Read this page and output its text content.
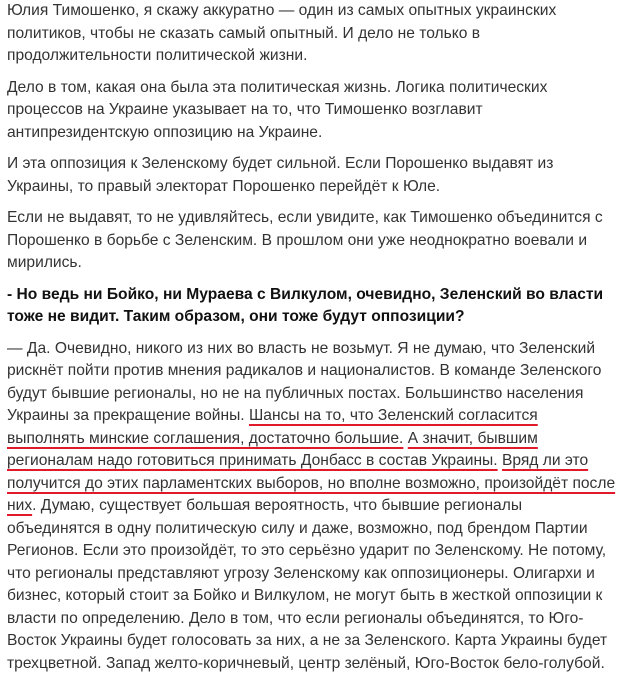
Юлия Тимошенко, я скажу аккуратно — один из самых опытных украинских политиков, чтобы не сказать самый опытный. И дело не только в продолжительности политической жизни.

Дело в том, какая она была эта политическая жизнь. Логика политических процессов на Украине указывает на то, что Тимошенко возглавит антипрезидентскую оппозицию на Украине.

И эта оппозиция к Зеленскому будет сильной. Если Порошенко выдавят из Украины, то правый электорат Порошенко перейдёт к Юле.

Если не выдавят, то не удивляйтесь, если увидите, как Тимошенко объединится с Порошенко в борьбе с Зеленским. В прошлом они уже неоднократно воевали и мирились.

- Но ведь ни Бойко, ни Мураева с Вилкулом, очевидно, Зеленский во власти тоже не видит. Таким образом, они тоже будут оппозиции?

— Да. Очевидно, никого из них во власть не возьмут. Я не думаю, что Зеленский рискнёт пойти против мнения радикалов и националистов. В команде Зеленского будут бывшие регионалы, но не на публичных постах. Большинство населения Украины за прекращение войны. Шансы на то, что Зеленский согласится выполнять минские соглашения, достаточно большие. А значит, бывшим регионалам надо готовиться принимать Донбасс в состав Украины. Вряд ли это получится до этих парламентских выборов, но вполне возможно, произойдёт после них. Думаю, существует большая вероятность, что бывшие регионалы объединятся в одну политическую силу и даже, возможно, под брендом Партии Регионов. Если это произойдёт, то это серьёзно ударит по Зеленскому. Не потому, что регионалы представляют угрозу Зеленскому как оппозиционеры. Олигархи и бизнес, который стоит за Бойко и Вилкулом, не могут быть в жесткой оппозиции к власти по определению. Дело в том, что если регионалы объединятся, то Юго-Восток Украины будет голосовать за них, а не за Зеленского. Карта Украины будет трехцветной. Запад желто-коричневый, центр зелёный, Юго-Восток бело-голубой.
